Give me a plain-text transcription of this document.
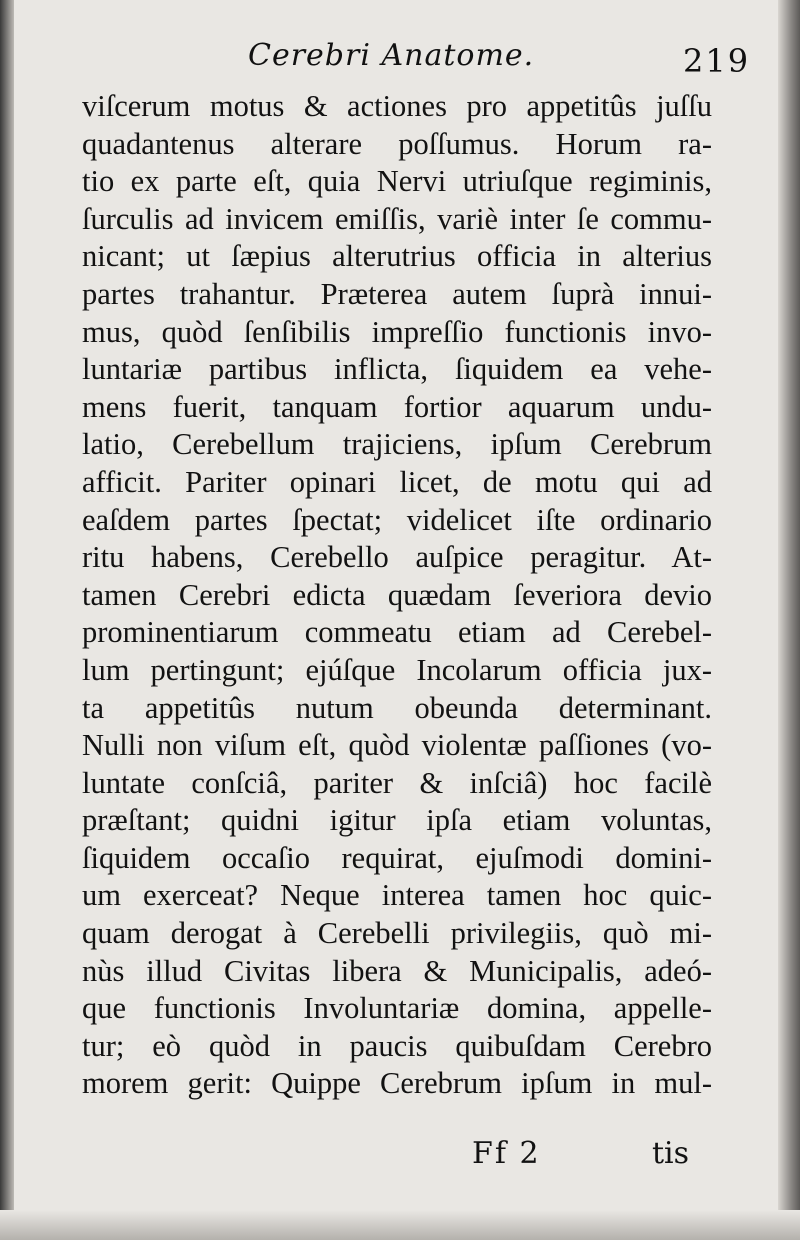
Cerebri Anatome.	219
viſcerum motus & actiones pro appetitûs juſſu
quadantenus alterare poſſumus. Horum ra-
tio ex parte eſt, quia Nervi utriuſque regiminis,
ſurculis ad invicem emiſſis, variè inter ſe commu-
nicant; ut ſæpius alterutrius officia in alterius
partes trahantur. Præterea autem ſuprà innui-
mus, quòd ſenſibilis impreſſio functionis invo-
luntariæ partibus inflicta, ſiquidem ea vehe-
mens fuerit, tanquam fortior aquarum undu-
latio, Cerebellum trajiciens, ipſum Cerebrum
afficit. Pariter opinari licet, de motu qui ad
eaſdem partes ſpectat; videlicet iſte ordinario
ritu habens, Cerebello auſpice peragitur. At-
tamen Cerebri edicta quædam ſeveriora devio
prominentiarum commeatu etiam ad Cerebel-
lum pertingunt; ejúſque Incolarum officia jux-
ta appetitûs nutum obeunda determinant.
Nulli non viſum eſt, quòd violentæ paſſiones (vo-
luntate conſciâ, pariter & inſciâ) hoc facilè
præſtant; quidni igitur ipſa etiam voluntas,
ſiquidem occaſio requirat, ejuſmodi domini-
um exerceat? Neque interea tamen hoc quic-
quam derogat à Cerebelli privilegiis, quò mi-
nùs illud Civitas libera & Municipalis, adeó-
que functionis Involuntariæ domina, appelle-
tur; eò quòd in paucis quibuſdam Cerebro
morem gerit: Quippe Cerebrum ipſum in mul-
Ff 2	tis
